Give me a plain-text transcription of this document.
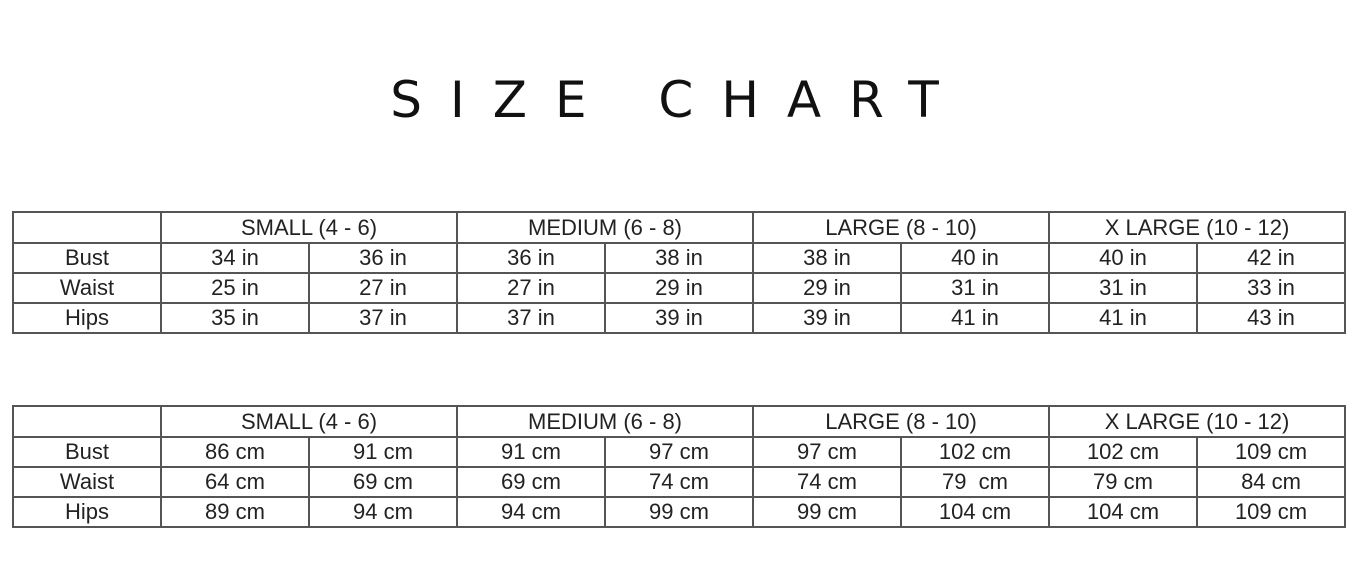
SIZE CHART
	SMALL (4 - 6)		MEDIUM (6 - 8)		LARGE (8 - 10)		X LARGE (10 - 12)	
Bust	34 in	36 in	36 in	38 in	38 in	40 in	40 in	42 in
Waist	25 in	27 in	27 in	29 in	29 in	31 in	31 in	33 in
Hips	35 in	37 in	37 in	39 in	39 in	41 in	41 in	43 in
	SMALL (4 - 6)		MEDIUM (6 - 8)		LARGE (8 - 10)		X LARGE (10 - 12)	
Bust	86 cm	91 cm	91 cm	97 cm	97 cm	102 cm	102 cm	109 cm
Waist	64 cm	69 cm	69 cm	74 cm	74 cm	79  cm	79 cm	84 cm
Hips	89 cm	94 cm	94 cm	99 cm	99 cm	104 cm	104 cm	109 cm
